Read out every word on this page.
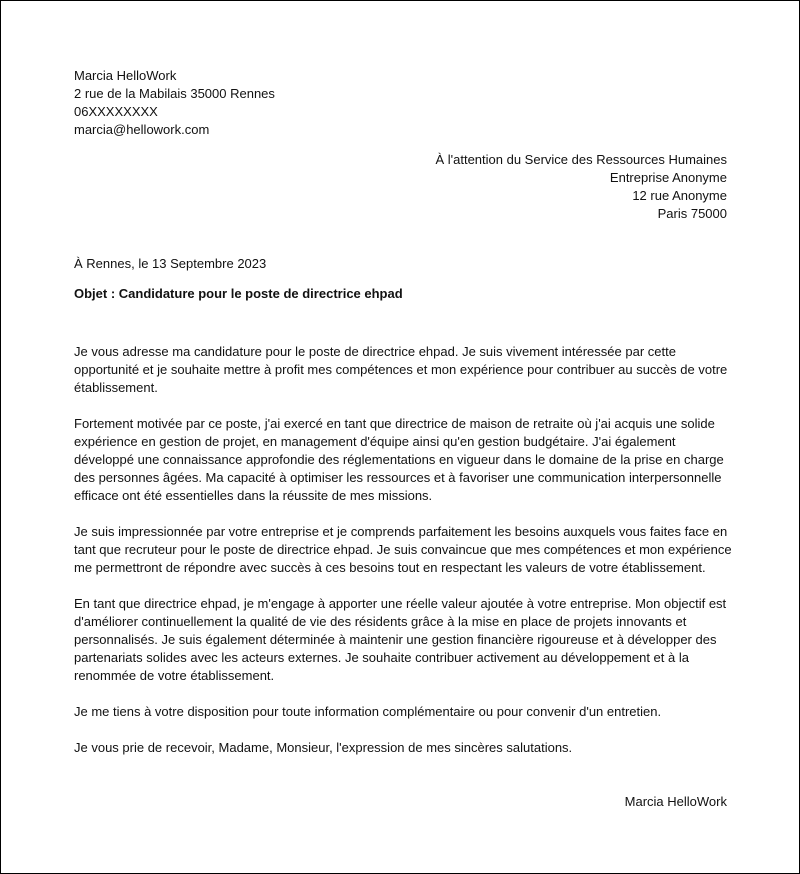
Marcia HelloWork
2 rue de la Mabilais 35000 Rennes
06XXXXXXXX
marcia@hellowork.com
À l'attention du Service des Ressources Humaines
Entreprise Anonyme
12 rue Anonyme
Paris 75000
À Rennes, le 13 Septembre 2023
Objet : Candidature pour le poste de directrice ehpad

Je vous adresse ma candidature pour le poste de directrice ehpad. Je suis vivement intéressée par cette opportunité et je souhaite mettre à profit mes compétences et mon expérience pour contribuer au succès de votre établissement.

Fortement motivée par ce poste, j'ai exercé en tant que directrice de maison de retraite où j'ai acquis une solide expérience en gestion de projet, en management d'équipe ainsi qu'en gestion budgétaire. J'ai également développé une connaissance approfondie des réglementations en vigueur dans le domaine de la prise en charge des personnes âgées. Ma capacité à optimiser les ressources et à favoriser une communication interpersonnelle efficace ont été essentielles dans la réussite de mes missions.

Je suis impressionnée par votre entreprise et je comprends parfaitement les besoins auxquels vous faites face en tant que recruteur pour le poste de directrice ehpad. Je suis convaincue que mes compétences et mon expérience me permettront de répondre avec succès à ces besoins tout en respectant les valeurs de votre établissement.

En tant que directrice ehpad, je m'engage à apporter une réelle valeur ajoutée à votre entreprise. Mon objectif est d'améliorer continuellement la qualité de vie des résidents grâce à la mise en place de projets innovants et personnalisés. Je suis également déterminée à maintenir une gestion financière rigoureuse et à développer des partenariats solides avec les acteurs externes. Je souhaite contribuer activement au développement et à la renommée de votre établissement.

Je me tiens à votre disposition pour toute information complémentaire ou pour convenir d'un entretien.

Je vous prie de recevoir, Madame, Monsieur, l'expression de mes sincères salutations.

Marcia HelloWork
